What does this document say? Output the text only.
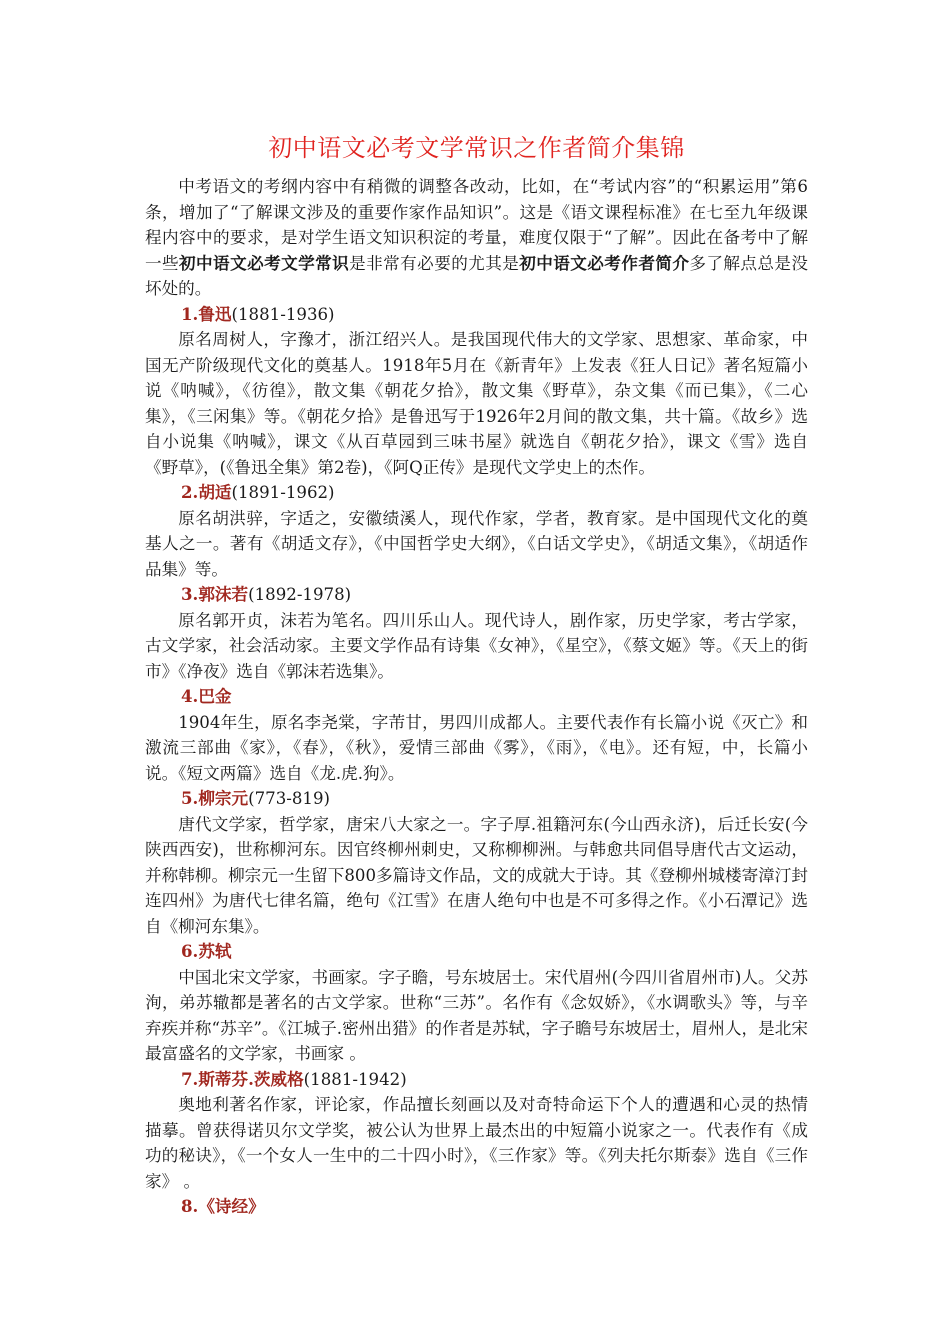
初中语文必考文学常识之作者简介集锦

中考语文的考纲内容中有稍微的调整各改动，比如，在“考试内容”的“积累运用”第6 条，增加了“了解课文涉及的重要作家作品知识”。这是《语文课程标准》在七至九年级课程内容中的要求，是对学生语文知识积淀的考量，难度仅限于“了解”。因此在备考中了解一些初中语文必考文学常识是非常有必要的尤其是初中语文必考作者简介多了解点总是没坏处的。

1.鲁迅(1881-1936)

原名周树人，字豫才，浙江绍兴人。是我国现代伟大的文学家、思想家、革命家，中国无产阶级现代文化的奠基人。1918年5月在《新青年》上发表《狂人日记》著名短篇小说《呐喊》，《彷徨》，散文集《朝花夕拾》，散文集《野草》，杂文集《而已集》，《二心集》，《三闲集》等。《朝花夕拾》是鲁迅写于1926年2月间的散文集，共十篇。《故乡》选自小说集《呐喊》，课文《从百草园到三味书屋》就选自《朝花夕拾》，课文《雪》选自《野草》，(《鲁迅全集》第2卷)，《阿Q正传》是现代文学史上的杰作。

2.胡适(1891-1962)

原名胡洪骍，字适之，安徽绩溪人，现代作家，学者，教育家。是中国现代文化的奠基人之一。著有《胡适文存》，《中国哲学史大纲》，《白话文学史》，《胡适文集》，《胡适作品集》等。

3.郭沫若(1892-1978)

原名郭开贞，沫若为笔名。四川乐山人。现代诗人，剧作家，历史学家，考古学家，古文学家，社会活动家。主要文学作品有诗集《女神》，《星空》，《蔡文姬》等。《天上的街市》《净夜》选自《郭沫若选集》。

4.巴金

1904年生，原名李尧棠，字芾甘，男四川成都人。主要代表作有长篇小说《灭亡》和激流三部曲《家》，《春》，《秋》，爱情三部曲《雾》，《雨》，《电》。还有短，中，长篇小说。《短文两篇》选自《龙.虎.狗》。

5.柳宗元(773-819)

唐代文学家，哲学家，唐宋八大家之一。字子厚.祖籍河东(今山西永济)，后迁长安(今陕西西安)，世称柳河东。因官终柳州刺史，又称柳柳洲。与韩愈共同倡导唐代古文运动，并称韩柳。柳宗元一生留下800多篇诗文作品，文的成就大于诗。其《登柳州城楼寄漳汀封连四州》为唐代七律名篇，绝句《江雪》在唐人绝句中也是不可多得之作。《小石潭记》选自《柳河东集》。

6.苏轼

中国北宋文学家，书画家。字子瞻，号东坡居士。宋代眉州(今四川省眉州市)人。父苏洵，弟苏辙都是著名的古文学家。世称“三苏”。名作有《念奴娇》，《水调歌头》等，与辛弃疾并称“苏辛”。《江城子.密州出猎》的作者是苏轼，字子瞻号东坡居士，眉州人，是北宋最富盛名的文学家，书画家 。

7.斯蒂芬.茨威格(1881-1942)

奥地利著名作家，评论家，作品擅长刻画以及对奇特命运下个人的遭遇和心灵的热情描摹。曾获得诺贝尔文学奖，被公认为世界上最杰出的中短篇小说家之一。代表作有《成功的秘诀》，《一个女人一生中的二十四小时》，《三作家》等。《列夫托尔斯泰》选自《三作家》 。

8.《诗经》
